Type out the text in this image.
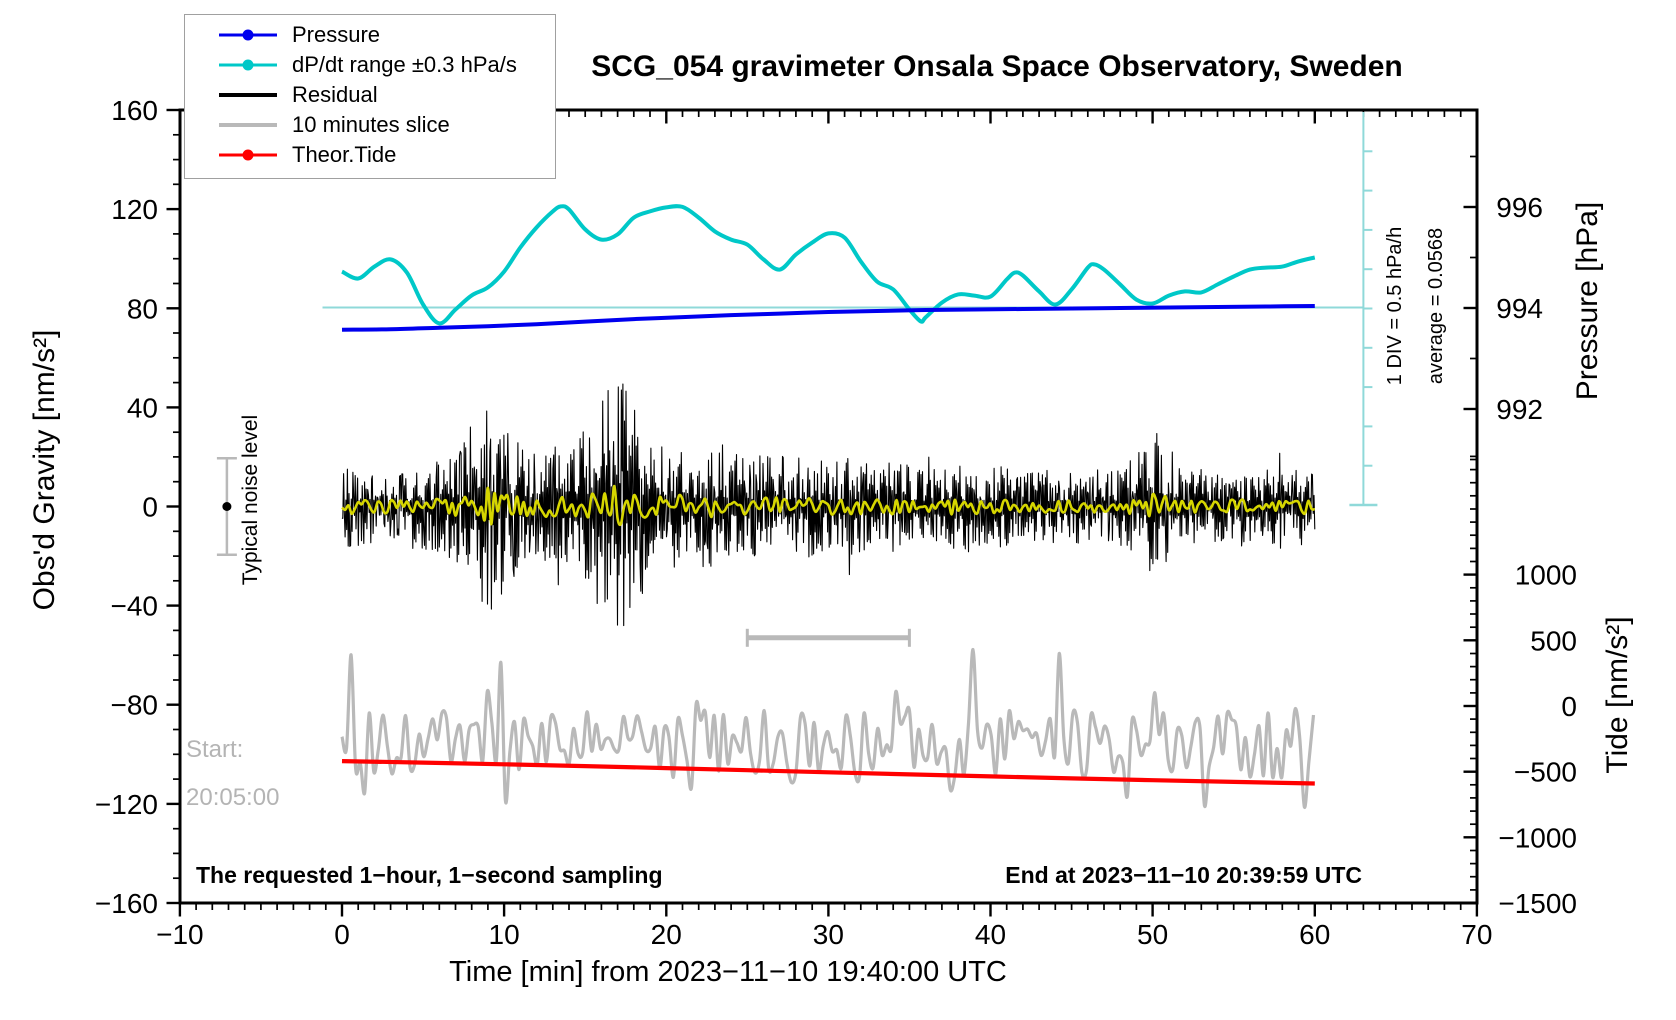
−10	0	10	20	30	40	50	60	70
−160
−120
−80
−40
0
40
80
120
160
992
994
996
1000
500
0
−500
−1000
−1500
SCG_054 gravimeter Onsala Space Observatory, Sweden
Time [min] from 2023−11−10 19:40:00 UTC
Obs'd Gravity [nm/s²]
Pressure [hPa]
Tide [nm/s²]
Typical noise level
1 DIV = 0.5 hPa/h average = 0.0568
Start:
20:05:00
The requested 1−hour, 1−second sampling	End at 2023−11−10 20:39:59 UTC
Pressure
dP/dt range ±0.3 hPa/s
Residual
10 minutes slice
Theor.Tide
